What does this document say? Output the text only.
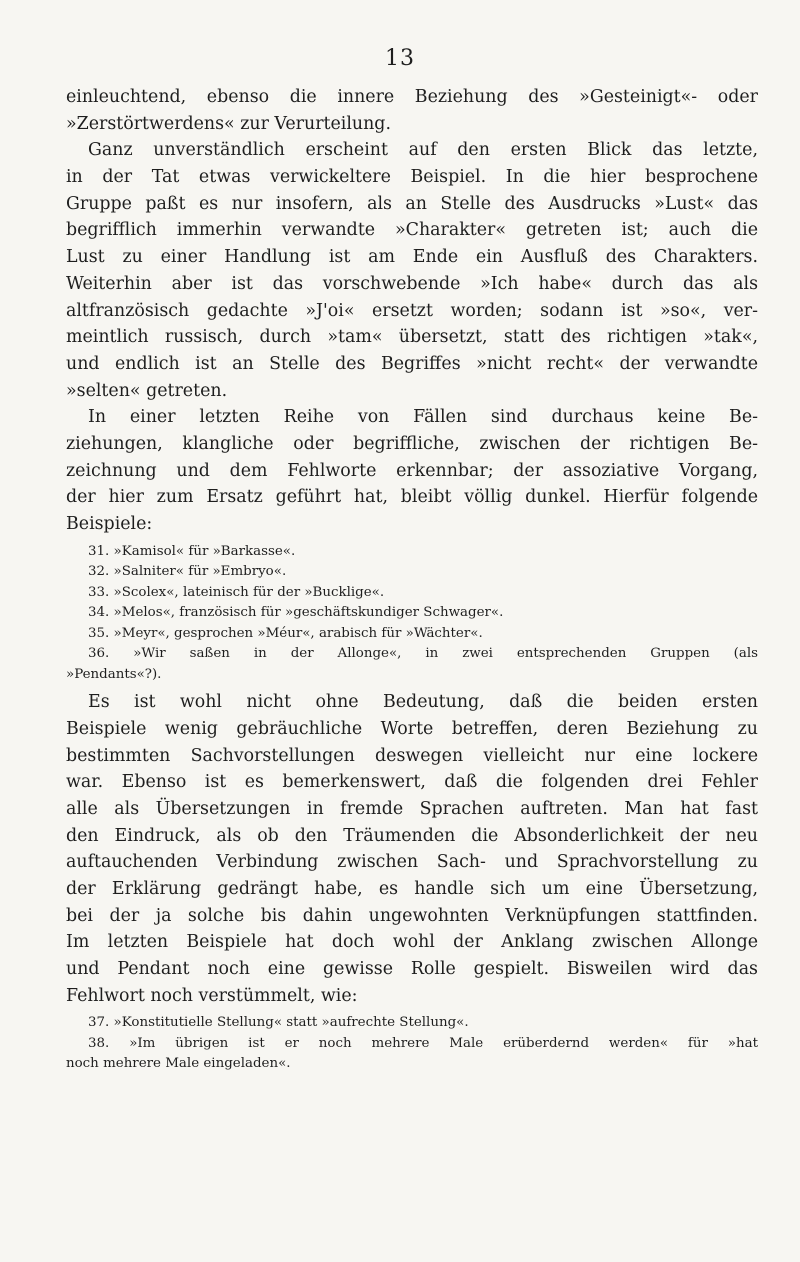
13
einleuchtend, ebenso die innere Beziehung des »Gesteinigt«- oder
»Zerstörtwerdens« zur Verurteilung.
Ganz unverständlich erscheint auf den ersten Blick das letzte,
in der Tat etwas verwickeltere Beispiel. In die hier besprochene
Gruppe paßt es nur insofern, als an Stelle des Ausdrucks »Lust« das
begrifflich immerhin verwandte »Charakter« getreten ist; auch die
Lust zu einer Handlung ist am Ende ein Ausfluß des Charakters.
Weiterhin aber ist das vorschwebende »Ich habe« durch das als
altfranzösisch gedachte »J'oi« ersetzt worden; sodann ist »so«, ver-
meintlich russisch, durch »tam« übersetzt, statt des richtigen »tak«,
und endlich ist an Stelle des Begriffes »nicht recht« der verwandte
»selten« getreten.
In einer letzten Reihe von Fällen sind durchaus keine Be-
ziehungen, klangliche oder begriffliche, zwischen der richtigen Be-
zeichnung und dem Fehlworte erkennbar; der assoziative Vorgang,
der hier zum Ersatz geführt hat, bleibt völlig dunkel. Hierfür folgende
Beispiele:
31. »Kamisol« für »Barkasse«.
32. »Salniter« für »Embryo«.
33. »Scolex«, lateinisch für der »Bucklige«.
34. »Melos«, französisch für »geschäftskundiger Schwager«.
35. »Meyr«, gesprochen »Méur«, arabisch für »Wächter«.
36. »Wir saßen in der Allonge«, in zwei entsprechenden Gruppen (als
»Pendants«?).
Es ist wohl nicht ohne Bedeutung, daß die beiden ersten
Beispiele wenig gebräuchliche Worte betreffen, deren Beziehung zu
bestimmten Sachvorstellungen deswegen vielleicht nur eine lockere
war. Ebenso ist es bemerkenswert, daß die folgenden drei Fehler
alle als Übersetzungen in fremde Sprachen auftreten. Man hat fast
den Eindruck, als ob den Träumenden die Absonderlichkeit der neu
auftauchenden Verbindung zwischen Sach- und Sprachvorstellung zu
der Erklärung gedrängt habe, es handle sich um eine Übersetzung,
bei der ja solche bis dahin ungewohnten Verknüpfungen stattfinden.
Im letzten Beispiele hat doch wohl der Anklang zwischen Allonge
und Pendant noch eine gewisse Rolle gespielt. Bisweilen wird das
Fehlwort noch verstümmelt, wie:
37. »Konstitutielle Stellung« statt »aufrechte Stellung«.
38. »Im übrigen ist er noch mehrere Male erüberdernd werden« für »hat
noch mehrere Male eingeladen«.
